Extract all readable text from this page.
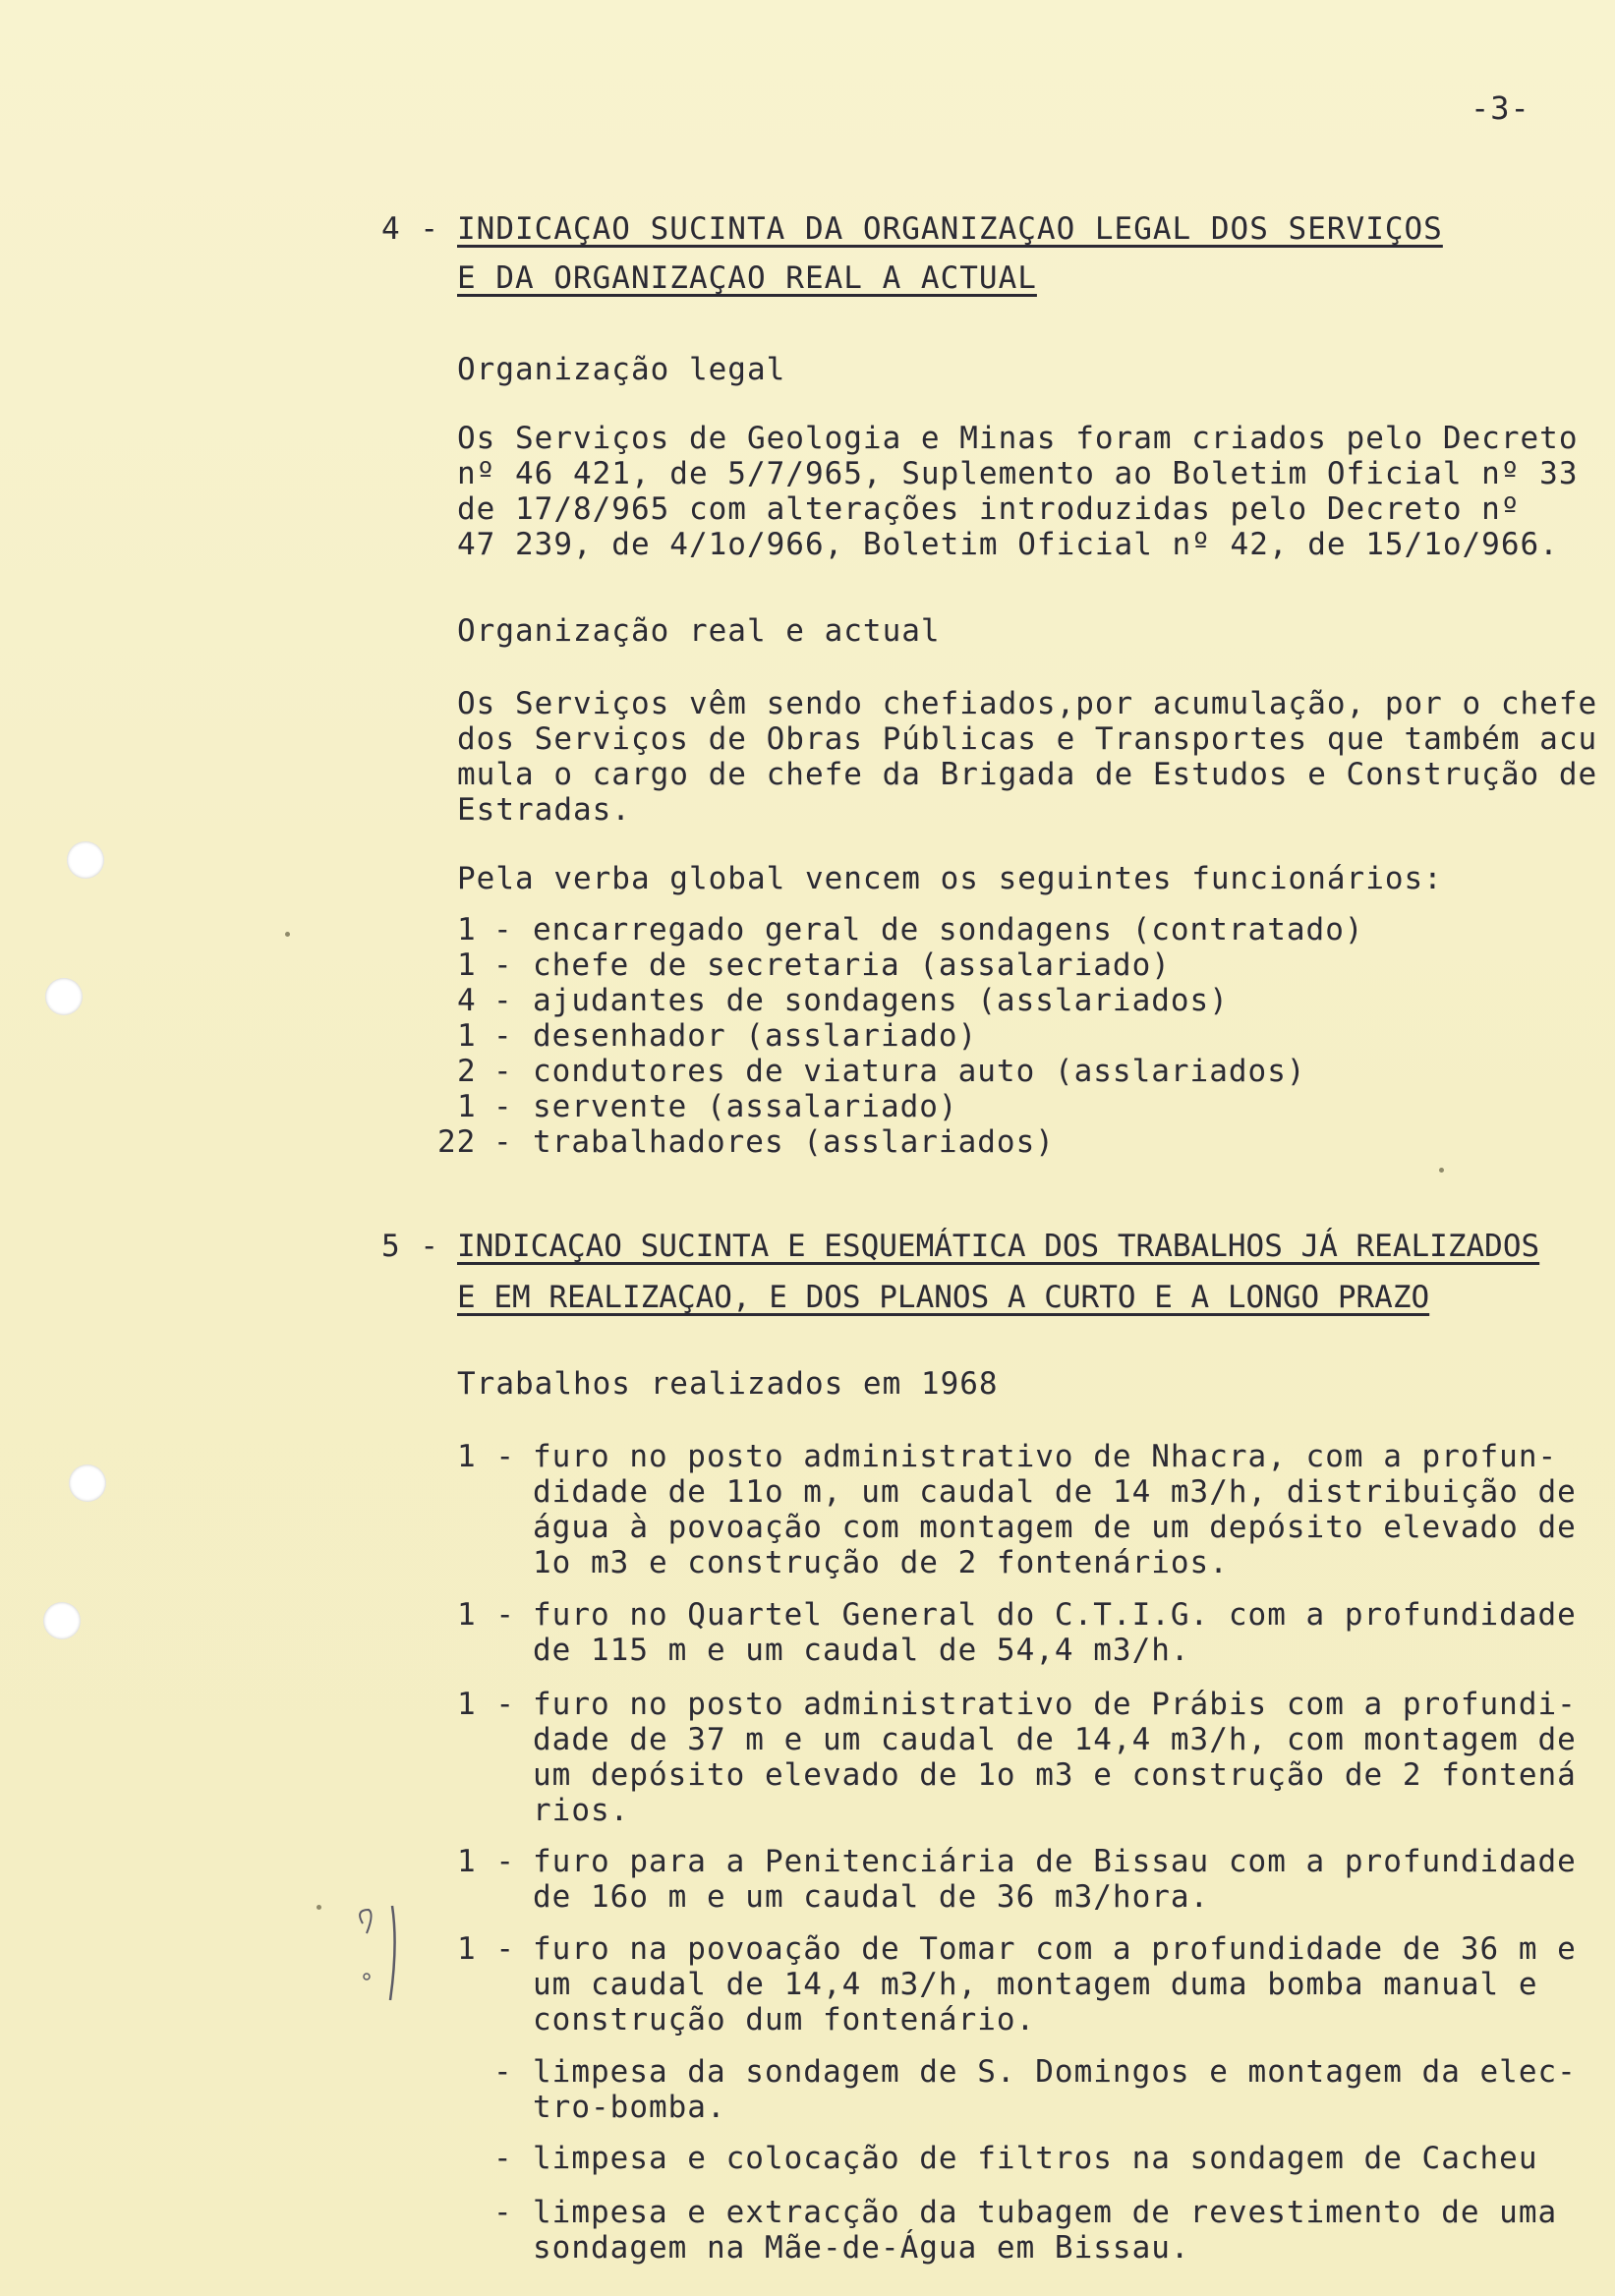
-3-
4 - INDICAÇAO SUCINTA DA ORGANIZAÇAO LEGAL DOS SERVIÇOS
E DA ORGANIZAÇAO REAL A ACTUAL
Organização legal
Os Serviços de Geologia e Minas foram criados pelo Decreto
nº 46 421, de 5/7/965, Suplemento ao Boletim Oficial nº 33
de 17/8/965 com alterações introduzidas pelo Decreto nº
47 239, de 4/1o/966, Boletim Oficial nº 42, de 15/1o/966.
Organização real e actual
Os Serviços vêm sendo chefiados,por acumulação, por o chefe
dos Serviços de Obras Públicas e Transportes que também acu
mula o cargo de chefe da Brigada de Estudos e Construção de
Estradas.
Pela verba global vencem os seguintes funcionários:
1 - encarregado geral de sondagens (contratado)
1 - chefe de secretaria (assalariado)
4 - ajudantes de sondagens (asslariados)
1 - desenhador (asslariado)
2 - condutores de viatura auto (asslariados)
1 - servente (assalariado)
22 - trabalhadores (asslariados)
5 - INDICAÇAO SUCINTA E ESQUEMÁTICA DOS TRABALHOS JÁ REALIZADOS
E EM REALIZAÇAO, E DOS PLANOS A CURTO E A LONGO PRAZO
Trabalhos realizados em 1968
1 - furo no posto administrativo de Nhacra, com a profun-
didade de 11o m, um caudal de 14 m3/h, distribuição de
água à povoação com montagem de um depósito elevado de
1o m3 e construção de 2 fontenários.
1 - furo no Quartel General do C.T.I.G. com a profundidade
de 115 m e um caudal de 54,4 m3/h.
1 - furo no posto administrativo de Prábis com a profundi-
dade de 37 m e um caudal de 14,4 m3/h, com montagem de
um depósito elevado de 1o m3 e construção de 2 fontená
rios.
1 - furo para a Penitenciária de Bissau com a profundidade
de 16o m e um caudal de 36 m3/hora.
1 - furo na povoação de Tomar com a profundidade de 36 m e
um caudal de 14,4 m3/h, montagem duma bomba manual e
construção dum fontenário.
- limpesa da sondagem de S. Domingos e montagem da elec-
tro-bomba.
- limpesa e colocação de filtros na sondagem de Cacheu
- limpesa e extracção da tubagem de revestimento de uma
sondagem na Mãe-de-Água em Bissau.
